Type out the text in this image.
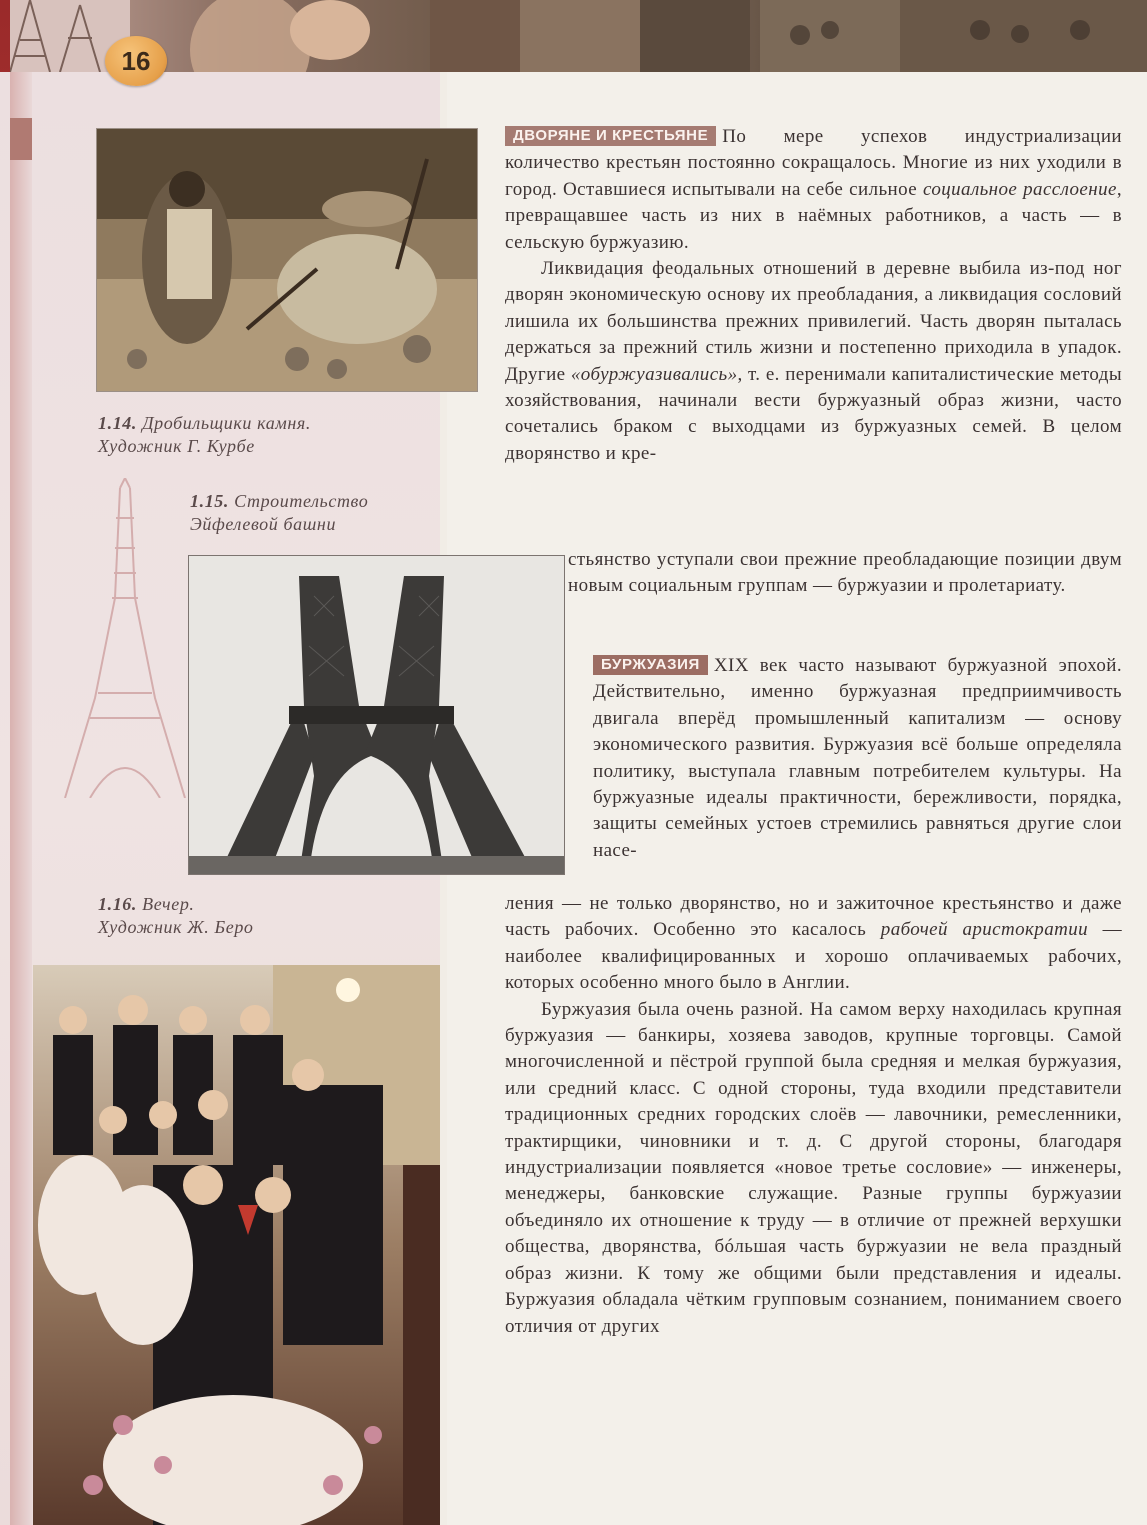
16
1.14. Дробильщики камня.
Художник Г. Курбе
1.15. Строительство
Эйфелевой башни
1.16. Вечер.
Художник Ж. Беро

ДВОРЯНЕ И КРЕСТЬЯНЕ По мере успехов индустриализации количество крестьян постоянно сокращалось. Многие из них уходили в город. Оставшиеся испытывали на себе сильное социальное расслоение, превращавшее часть из них в наёмных работников, а часть — в сельскую буржуазию.

Ликвидация феодальных отношений в деревне выбила из-под ног дворян экономическую основу их преобладания, а ликвидация сословий лишила их большинства прежних привилегий. Часть дворян пыталась держаться за прежний стиль жизни и постепенно приходила в упадок. Другие «обуржуазивались», т. е. перенимали капиталистические методы хозяйствования, начинали вести буржуазный образ жизни, часто сочетались браком с выходцами из буржуазных семей. В целом дворянство и кре-

стьянство уступали свои прежние преобладающие позиции двум новым социальным группам — буржуазии и пролетариату.

БУРЖУАЗИЯ XIX век часто называют буржуазной эпохой. Действительно, именно буржуазная предприимчивость двигала вперёд промышленный капитализм — основу экономического развития. Буржуазия всё больше определяла политику, выступала главным потребителем культуры. На буржуазные идеалы практичности, бережливости, порядка, защиты семейных устоев стремились равняться другие слои насе-

ления — не только дворянство, но и зажиточное крестьянство и даже часть рабочих. Особенно это касалось рабочей аристократии — наиболее квалифицированных и хорошо оплачиваемых рабочих, которых особенно много было в Англии.

Буржуазия была очень разной. На самом верху находилась крупная буржуазия — банкиры, хозяева заводов, крупные торговцы. Самой многочисленной и пёстрой группой была средняя и мелкая буржуазия, или средний класс. С одной стороны, туда входили представители традиционных средних городских слоёв — лавочники, ремесленники, трактирщики, чиновники и т. д. С другой стороны, благодаря индустриализации появляется «новое третье сословие» — инженеры, менеджеры, банковские служащие. Разные группы буржуазии объединяло их отношение к труду — в отличие от прежней верхушки общества, дворянства, бóльшая часть буржуазии не вела праздный образ жизни. К тому же общими были представления и идеалы. Буржуазия обладала чётким групповым сознанием, пониманием своего отличия от других
